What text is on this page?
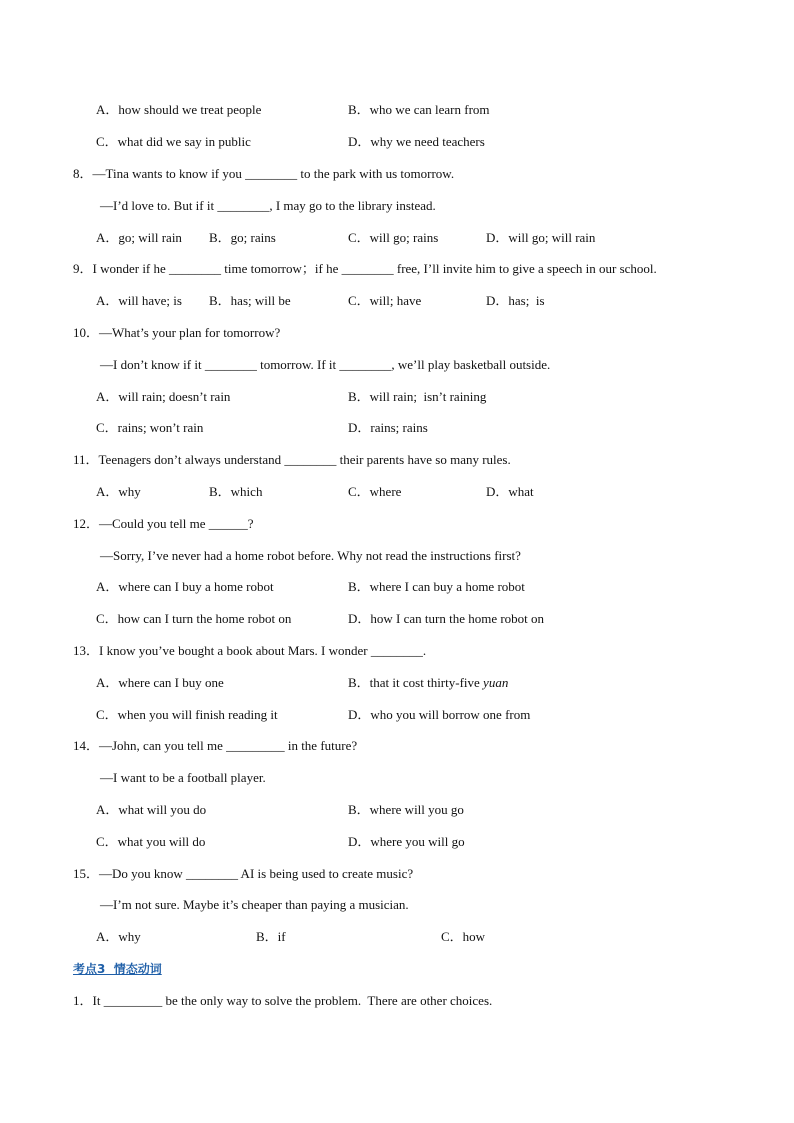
A．how should we treat people	B．who we can learn from
C．what did we say in public	D．why we need teachers
8．—Tina wants to know if you ________ to the park with us tomorrow.
—I’d love to. But if it ________, I may go to the library instead.
A．go; will rain B．go; rains	C．will go; rains	D．will go; will rain
9．I wonder if he ________ time tomorrow；if he ________ free, I’ll invite him to give a speech in our school.
A．will have; is B．has; will be	C．will; have	D．has;  is
10．—What’s your plan for tomorrow?
—I don’t know if it ________ tomorrow. If it ________, we’ll play basketball outside.
A．will rain; doesn’t rain	B．will rain;  isn’t raining
C．rains; won’t rain	D．rains; rains
11．Teenagers don’t always understand ________ their parents have so many rules.
A．why	B．which	C．where	D．what
12．—Could you tell me ______?
—Sorry, I’ve never had a home robot before. Why not read the instructions first?
A．where can I buy a home robot	B．where I can buy a home robot
C．how can I turn the home robot on	D．how I can turn the home robot on
13．I know you’ve bought a book about Mars. I wonder ________.
A．where can I buy one	B．that it cost thirty-five yuan
C．when you will finish reading it	D．who you will borrow one from
14．—John, can you tell me _________ in the future?
—I want to be a football player.
A．what will you do	B．where will you go
C．what you will do	D．where you will go
15．—Do you know ________ AI is being used to create music?
—I’m not sure. Maybe it’s cheaper than paying a musician.
A．why	B．if	C．how
考点3  情态动词
1．It _________ be the only way to solve the problem.  There are other choices.
